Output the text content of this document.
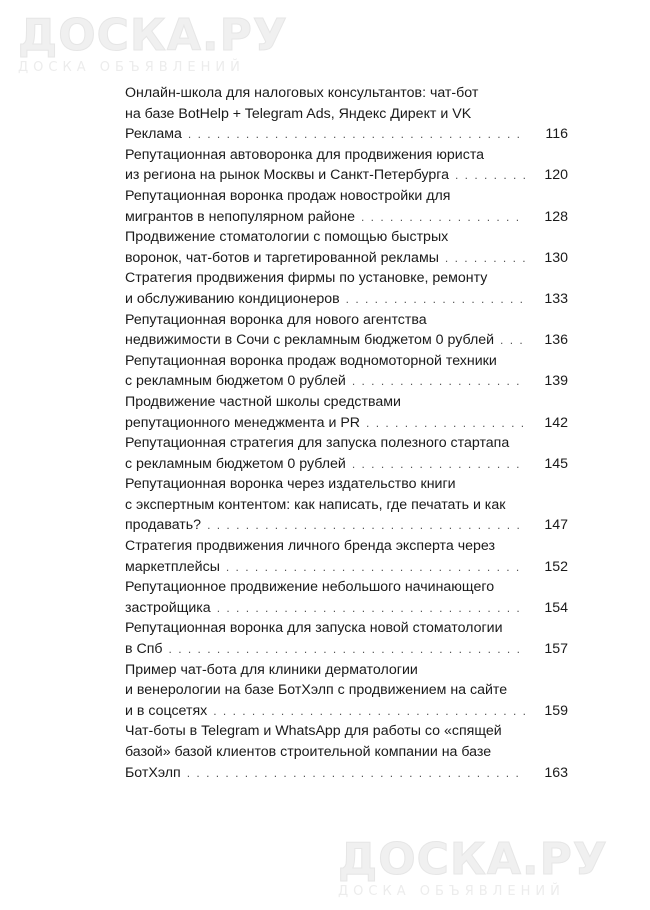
ДОСКА.РУ
ДОСКА ОБЪЯВЛЕНИЙ
Онлайн-школа для налоговых консультантов: чат-бот
на базе BotHelp + Telegram Ads, Яндекс Директ и VK
Реклама . . .	116
Репутационная автоворонка для продвижения юриста
из региона на рынок Москвы и Санкт-Петербурга . . .	120
Репутационная воронка продаж новостройки для
мигрантов в непопулярном районе . . .	128
Продвижение стоматологии с помощью быстрых
воронок, чат-ботов и таргетированной рекламы . . .	130
Стратегия продвижения фирмы по установке, ремонту
и обслуживанию кондиционеров . . .	133
Репутационная воронка для нового агентства
недвижимости в Сочи с рекламным бюджетом 0 рублей . . .	136
Репутационная воронка продаж водномоторной техники
с рекламным бюджетом 0 рублей . . .	139
Продвижение частной школы средствами
репутационного менеджмента и PR . . .	142
Репутационная стратегия для запуска полезного стартапа
с рекламным бюджетом 0 рублей . . .	145
Репутационная воронка через издательство книги
с экспертным контентом: как написать, где печатать и как
продавать? . . .	147
Стратегия продвижения личного бренда эксперта через
маркетплейсы . . .	152
Репутационное продвижение небольшого начинающего
застройщика . . .	154
Репутационная воронка для запуска новой стоматологии
в Спб . . .	157
Пример чат-бота для клиники дерматологии
и венерологии на базе БотХэлп с продвижением на сайте
и в соцсетях . . .	159
Чат-боты в Telegram и WhatsApp для работы со «спящей
базой» базой клиентов строительной компании на базе
БотХэлп . . .	163
ДОСКА.РУ
ДОСКА ОБЪЯВЛЕНИЙ
